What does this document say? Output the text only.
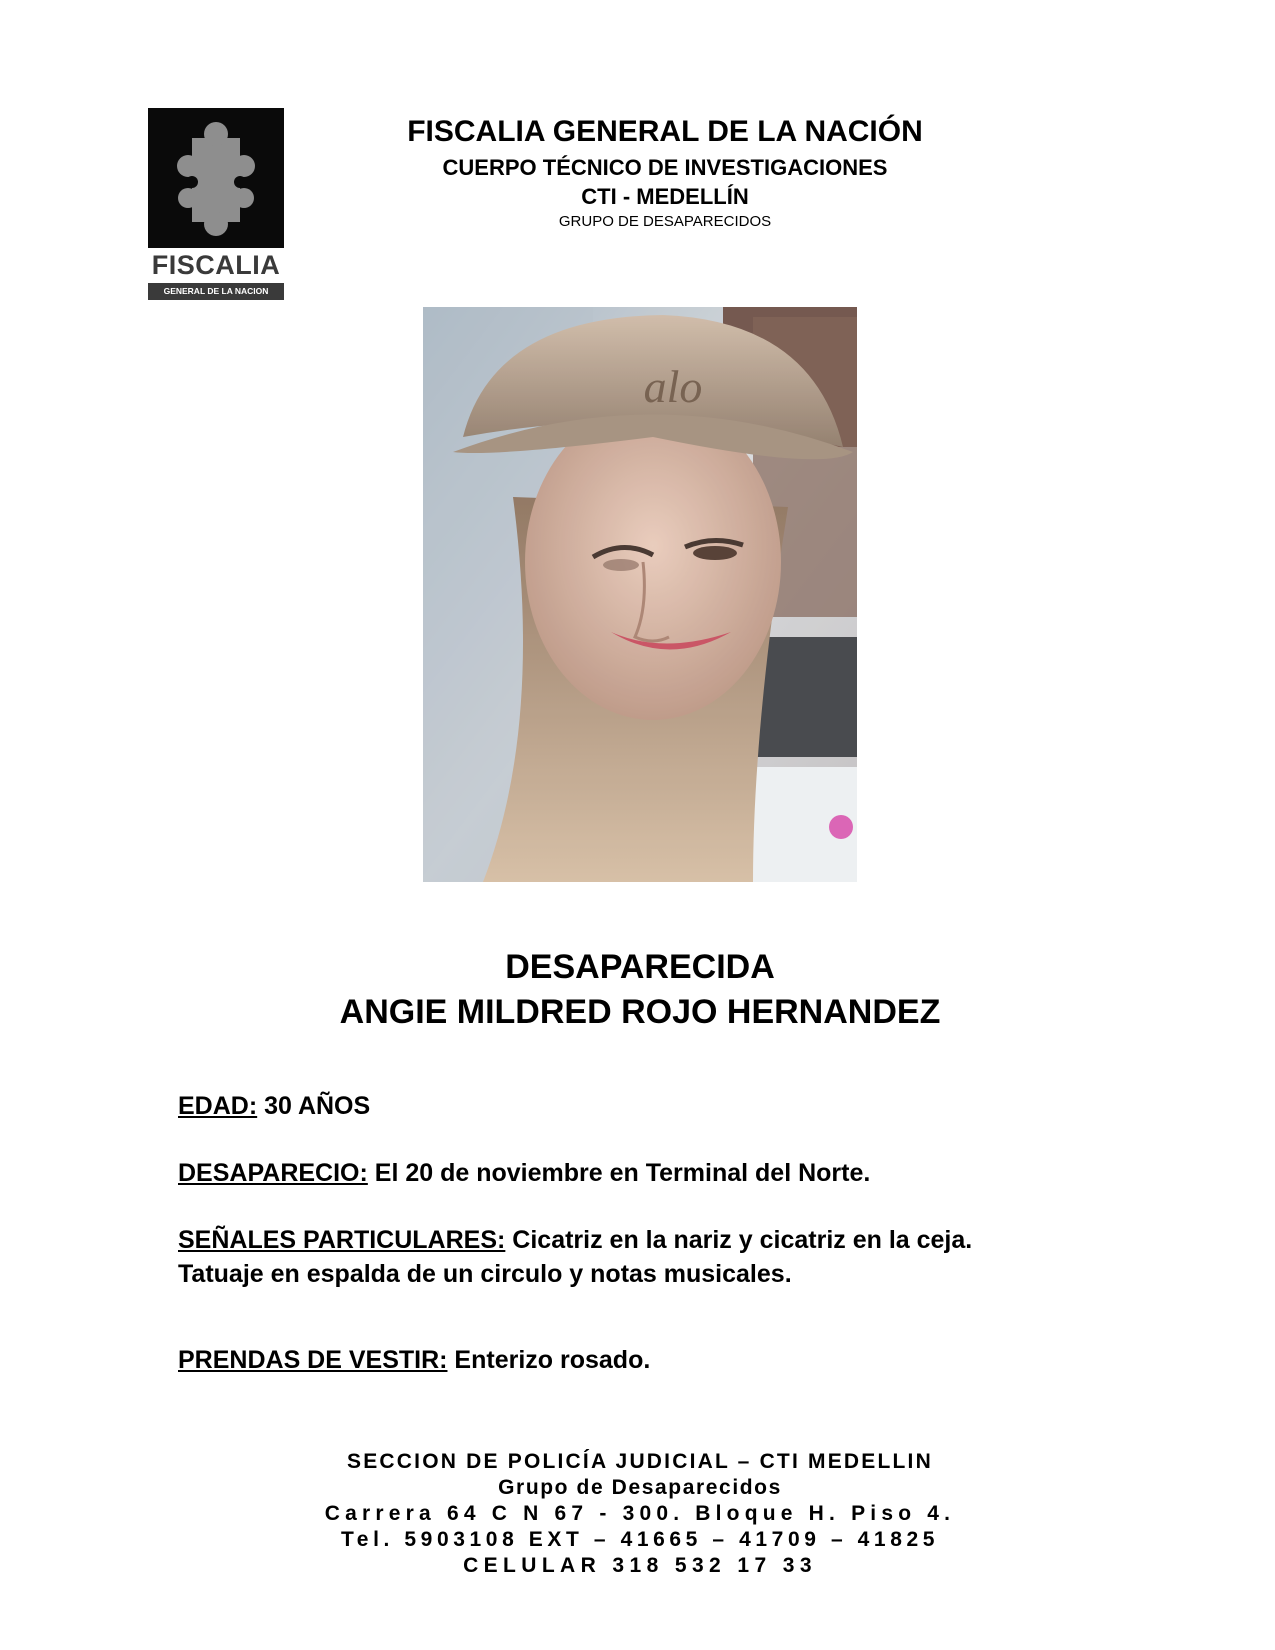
FISCALIA
GENERAL DE LA NACION
FISCALIA GENERAL DE LA NACIÓN
CUERPO TÉCNICO DE INVESTIGACIONES
CTI - MEDELLÍN
GRUPO DE DESAPARECIDOS
alo
DESAPARECIDA
ANGIE MILDRED ROJO HERNANDEZ
EDAD: 30 AÑOS
DESAPARECIO: El 20 de noviembre en Terminal del Norte.
SEÑALES PARTICULARES: Cicatriz en la nariz y cicatriz en la ceja.
Tatuaje en espalda de un circulo y notas musicales.
PRENDAS DE VESTIR: Enterizo rosado.
SECCION DE POLICÍA JUDICIAL – CTI MEDELLIN
Grupo de Desaparecidos
Carrera 64 C N 67 - 300. Bloque H. Piso 4.
Tel. 5903108 EXT – 41665 – 41709 – 41825
CELULAR 318 532 17 33
